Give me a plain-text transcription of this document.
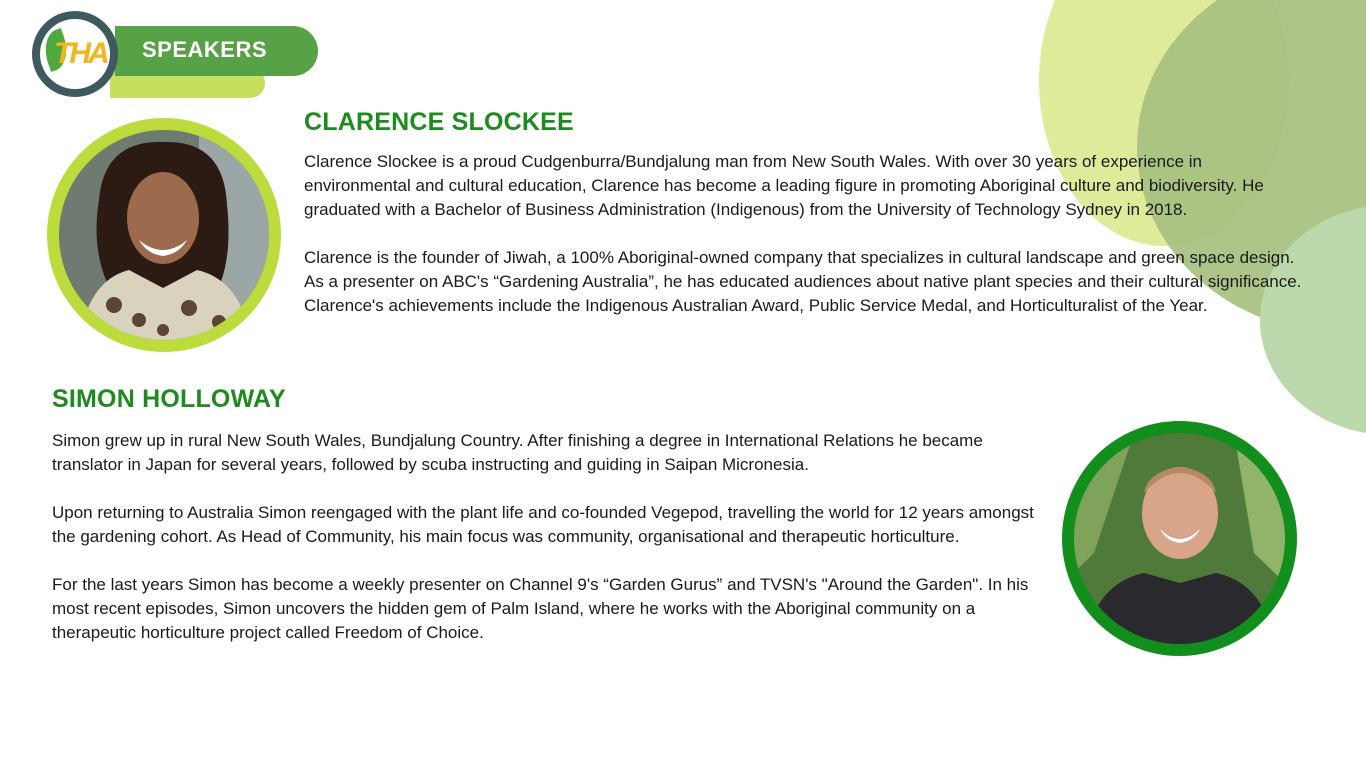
SPEAKERS
THA
CLARENCE SLOCKEE

Clarence Slockee is a proud Cudgenburra/Bundjalung man from New South Wales. With over 30 years of experience in environmental and cultural education, Clarence has become a leading figure in promoting Aboriginal culture and biodiversity. He graduated with a Bachelor of Business Administration (Indigenous) from the University of Technology Sydney in 2018.

Clarence is the founder of Jiwah, a 100% Aboriginal-owned company that specializes in cultural landscape and green space design. As a presenter on ABC's “Gardening Australia”, he has educated audiences about native plant species and their cultural significance. Clarence's achievements include the Indigenous Australian Award, Public Service Medal, and Horticulturalist of the Year.

SIMON HOLLOWAY

Simon grew up in rural New South Wales, Bundjalung Country. After finishing a degree in International Relations he became translator in Japan for several years, followed by scuba instructing and guiding in Saipan Micronesia.

Upon returning to Australia Simon reengaged with the plant life and co-founded Vegepod, travelling the world for 12 years amongst the gardening cohort. As Head of Community, his main focus was community, organisational and therapeutic horticulture.

For the last years Simon has become a weekly presenter on Channel 9's “Garden Gurus” and TVSN's "Around the Garden". In his most recent episodes, Simon uncovers the hidden gem of Palm Island, where he works with the Aboriginal community on a therapeutic horticulture project called Freedom of Choice.
